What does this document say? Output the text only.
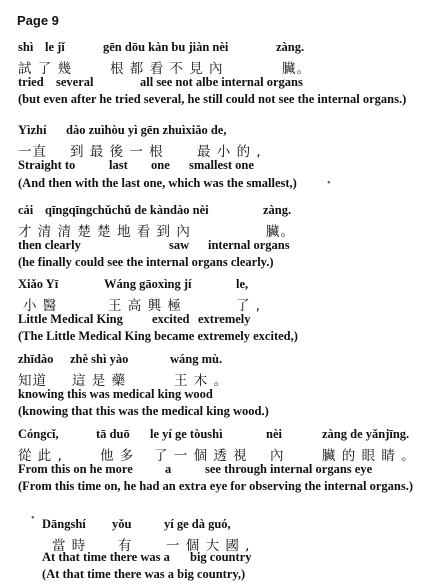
Page 9
shì le jǐ	gēn dōu kàn bu jiàn nèi	zàng.
試 了 幾	根 都 看 不 見 內	臟。
tried several	all see not albe internal organs
(but even after he tried several, he still could not see the internal organs.)
Yìzhí dào zuìhòu yì gēn zhuìxiǎo de,
一直 到 最 後 一 根 最 小 的 ,
Straight to	last one smallest one
(And then with the last one, which was the smallest,)	•
cái qīngqīngchǔchǔ de kàndào nèi	zàng.
才 清 清 楚 楚 地 看 到 內	臟。
then clearly	saw internal organs
(he finally could see the internal organs clearly.)
Xiǎo Yī	Wáng gāoxìng jí	le,
小 醫	王 高 興 極	了 ,
Little Medical King excited extremely
(The Little Medical King became extremely excited,)
zhīdào zhè shì yào	wáng mù.
知道 這 是 藥	王 木 。
knowing this was medical king wood
(knowing that this was the medical king wood.)
Cóngcǐ,	tā duō le yí ge tòushì	nèi	zàng de yǎnjīng.
從 此 ,	他 多 了 一 個 透 視 內	臟 的 眼 睛 。
From this on he more	a	see through internal organs eye
(From this time on, he had an extra eye for observing the internal organs.)
• Dāngshí yǒu	yí ge dà guó,
當 時 有 一 個 大 國 ,
At that time there was a big country
(At that time there was a big country,)
